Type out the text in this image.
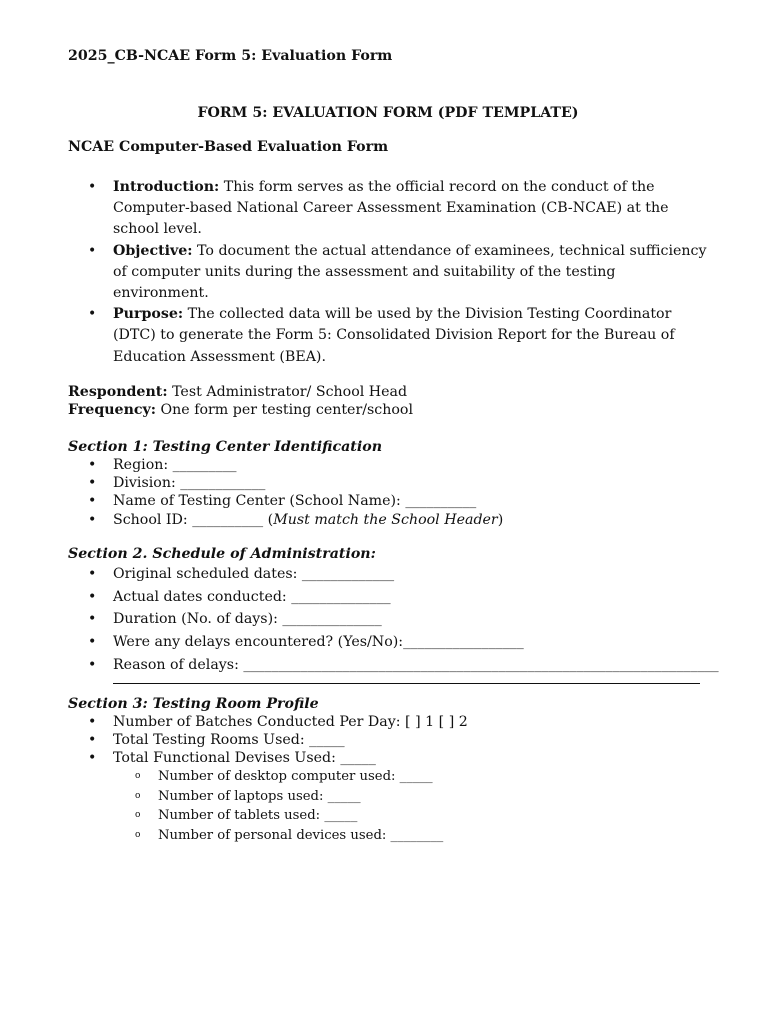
2025_CB-NCAE Form 5: Evaluation Form

FORM 5: EVALUATION FORM (PDF TEMPLATE)

NCAE Computer-Based Evaluation Form

• Introduction: This form serves as the official record on the conduct of the Computer-based National Career Assessment Examination (CB-NCAE) at the school level.
• Objective: To document the actual attendance of examinees, technical sufficiency of computer units during the assessment and suitability of the testing environment.
• Purpose: The collected data will be used by the Division Testing Coordinator (DTC) to generate the Form 5: Consolidated Division Report for the Bureau of Education Assessment (BEA).
Respondent: Test Administrator/ School Head
Frequency: One form per testing center/school

Section 1: Testing Center Identification

• Region: _________
• Division: ____________
• Name of Testing Center (School Name): __________
• School ID: __________ (Must match the School Header)

Section 2. Schedule of Administration:

• Original scheduled dates: _____________
• Actual dates conducted: ______________
• Duration (No. of days): ______________
• Were any delays encountered? (Yes/No):_________________
• Reason of delays: ___________________________________________________________________

Section 3: Testing Room Profile

• Number of Batches Conducted Per Day: [ ] 1 [ ] 2
• Total Testing Rooms Used: _____
• Total Functional Devises Used: _____
o Number of desktop computer used: _____
o Number of laptops used: _____
o Number of tablets used: _____
o Number of personal devices used: ________
